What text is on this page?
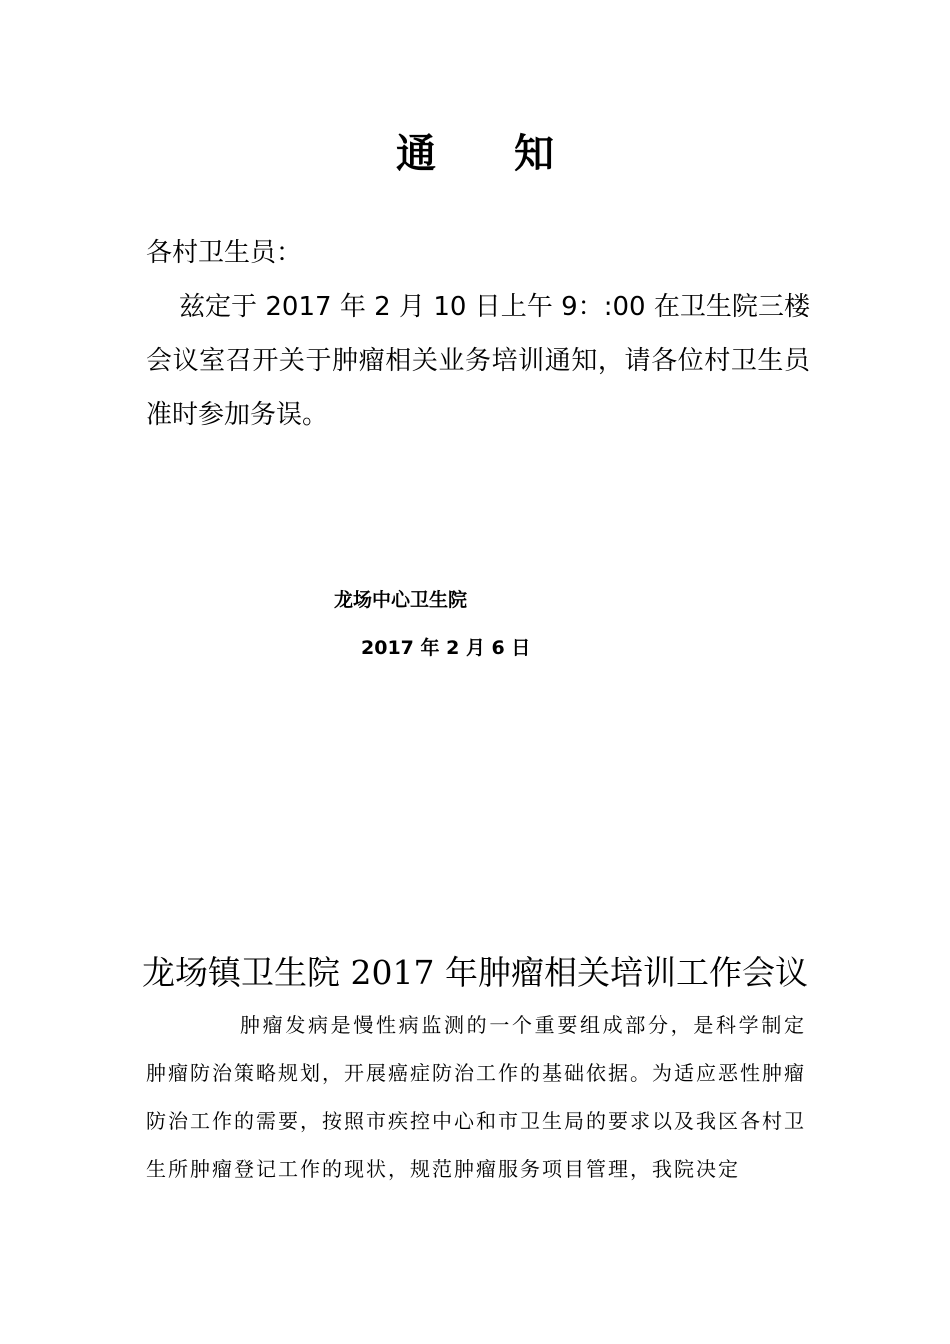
通 知

各村卫生员：

兹定于 2017 年 2 月 10 日上午 9：:00 在卫生院三楼会议室召开关于肿瘤相关业务培训通知，请各位村卫生员准时参加务误。

龙场中心卫生院
2017 年 2 月 6 日
龙场镇卫生院 2017 年肿瘤相关培训工作会议

肿瘤发病是慢性病监测的一个重要组成部分，是科学制定肿瘤防治策略规划，开展癌症防治工作的基础依据。为适应恶性肿瘤防治工作的需要，按照市疾控中心和市卫生局的要求以及我区各村卫生所肿瘤登记工作的现状，规范肿瘤服务项目管理，我院决定
